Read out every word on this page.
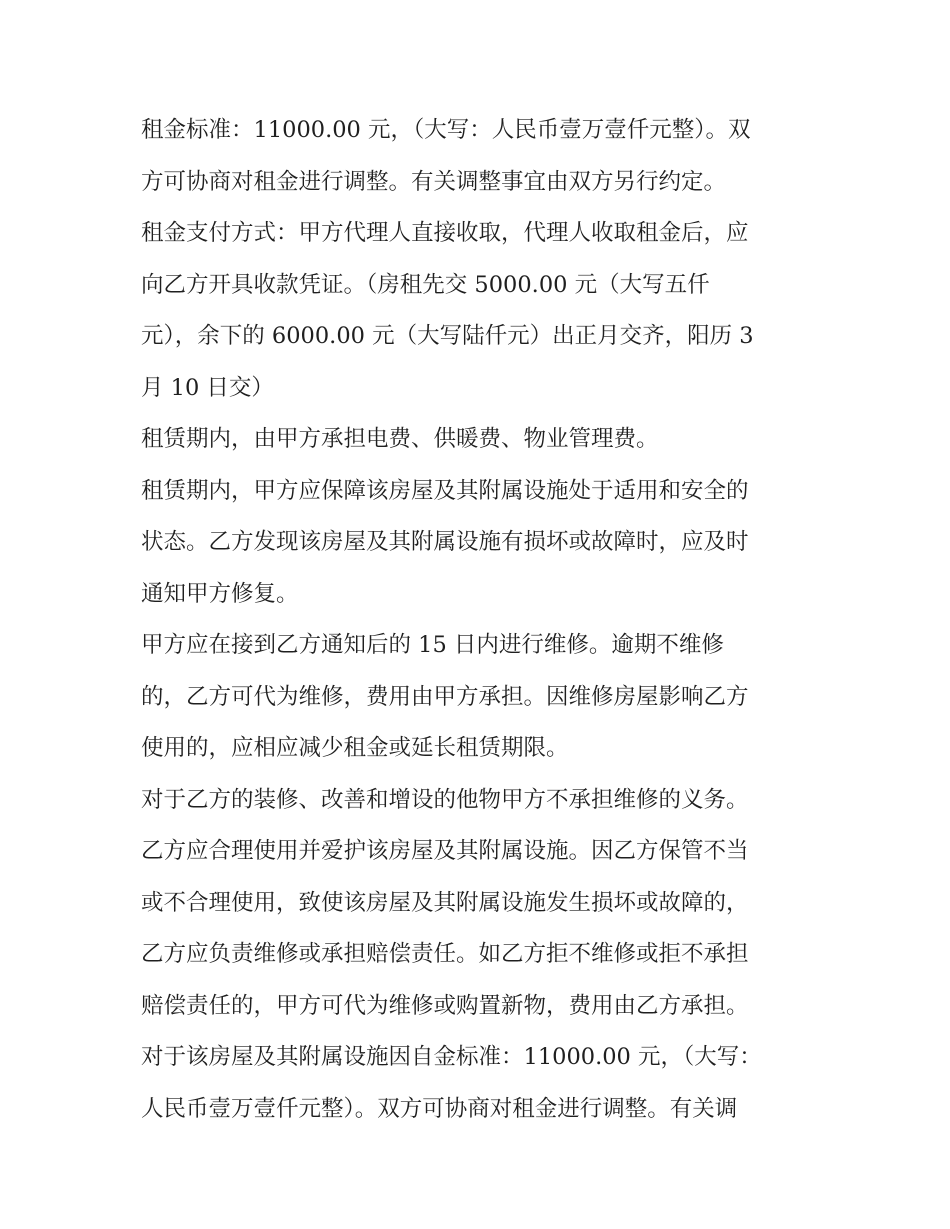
租金标准：11000.00 元，（大写：人民币壹万壹仟元整）。双
方可协商对租金进行调整。有关调整事宜由双方另行约定。
租金支付方式：甲方代理人直接收取，代理人收取租金后，应
向乙方开具收款凭证。（房租先交 5000.00 元（大写五仟
元），余下的 6000.00 元（大写陆仟元）出正月交齐，阳历 3
月 10 日交）
租赁期内，由甲方承担电费、供暖费、物业管理费。
租赁期内，甲方应保障该房屋及其附属设施处于适用和安全的
状态。乙方发现该房屋及其附属设施有损坏或故障时，应及时
通知甲方修复。
甲方应在接到乙方通知后的 15 日内进行维修。逾期不维修
的，乙方可代为维修，费用由甲方承担。因维修房屋影响乙方
使用的，应相应减少租金或延长租赁期限。
对于乙方的装修、改善和增设的他物甲方不承担维修的义务。
乙方应合理使用并爱护该房屋及其附属设施。因乙方保管不当
或不合理使用，致使该房屋及其附属设施发生损坏或故障的，
乙方应负责维修或承担赔偿责任。如乙方拒不维修或拒不承担
赔偿责任的，甲方可代为维修或购置新物，费用由乙方承担。
对于该房屋及其附属设施因自金标准：11000.00 元，（大写：
人民币壹万壹仟元整）。双方可协商对租金进行调整。有关调
